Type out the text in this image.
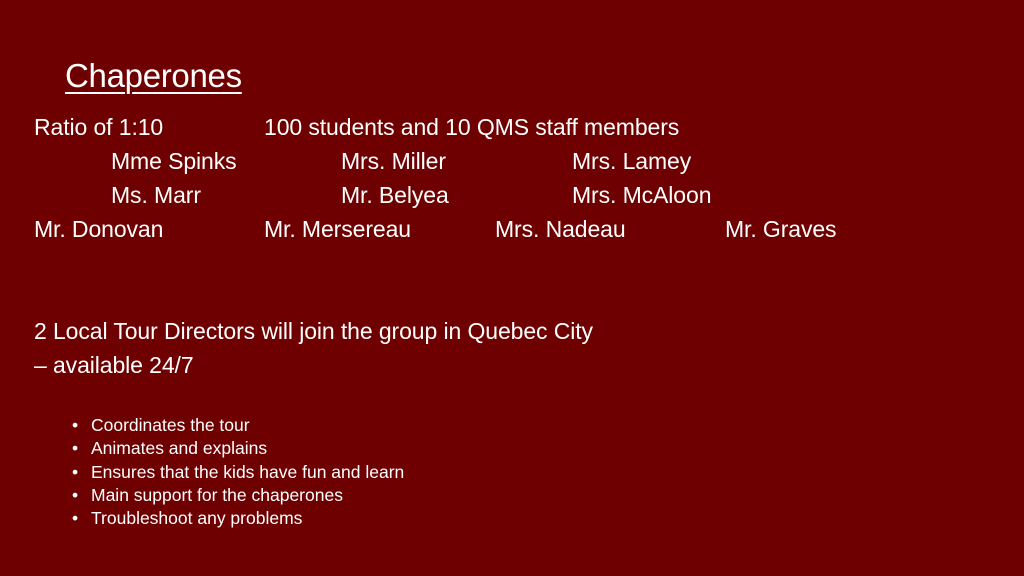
Chaperones
Ratio of 1:10	100 students and 10 QMS staff members
Mme Spinks	Mrs. Miller	Mrs. Lamey
Ms. Marr	Mr. Belyea	Mrs. McAloon
Mr. Donovan	Mr. Mersereau	Mrs. Nadeau	Mr. Graves
2 Local Tour Directors will join the group in Quebec City
– available 24/7
• Coordinates the tour
• Animates and explains
• Ensures that the kids have fun and learn
• Main support for the chaperones
• Troubleshoot any problems
